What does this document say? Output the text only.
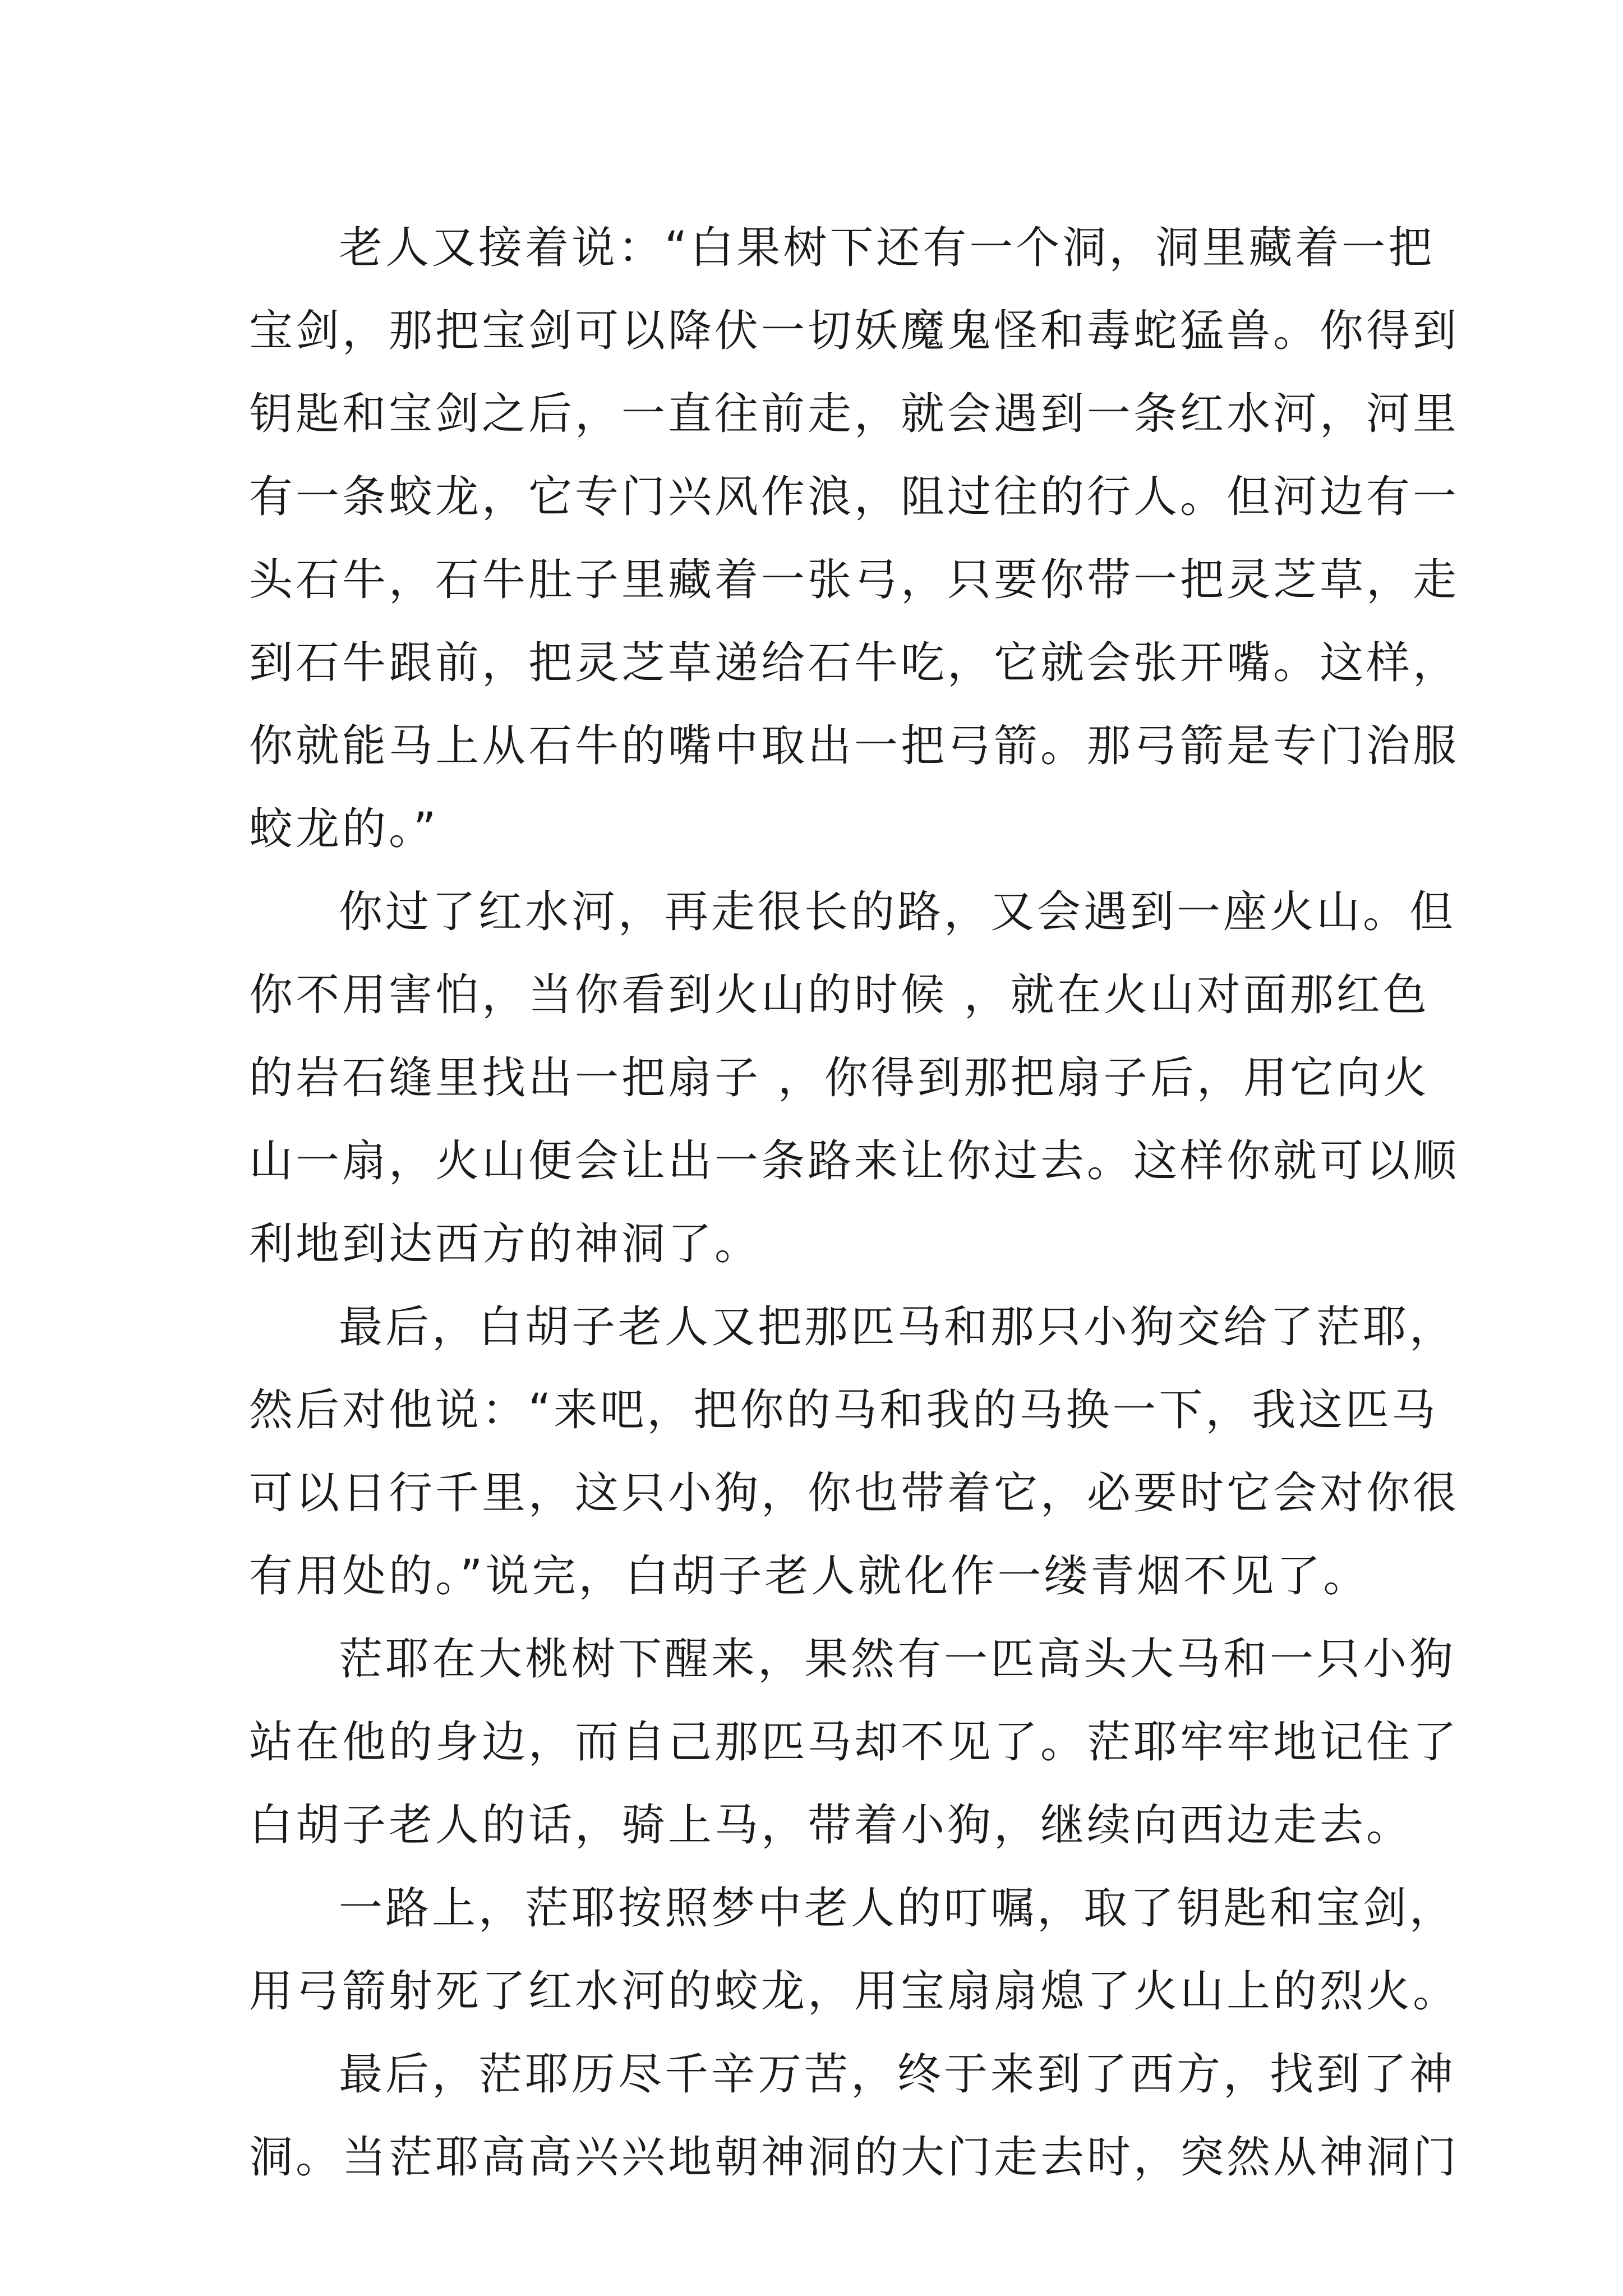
老人又接着说：“白果树下还有一个洞，洞里藏着一把
宝剑，那把宝剑可以降伏一切妖魔鬼怪和毒蛇猛兽。你得到
钥匙和宝剑之后，一直往前走，就会遇到一条红水河，河里
有一条蛟龙，它专门兴风作浪，阻过往的行人。但河边有一
头石牛，石牛肚子里藏着一张弓，只要你带一把灵芝草，走
到石牛跟前，把灵芝草递给石牛吃，它就会张开嘴。这样，
你就能马上从石牛的嘴中取出一把弓箭。那弓箭是专门治服
蛟龙的。”
你过了红水河，再走很长的路，又会遇到一座火山。但
你不用害怕，当你看到火山的时候 ，就在火山对面那红色
的岩石缝里找出一把扇子 ，你得到那把扇子后，用它向火
山一扇，火山便会让出一条路来让你过去。这样你就可以顺
利地到达西方的神洞了。
最后，白胡子老人又把那匹马和那只小狗交给了茫耶，
然后对他说：“来吧，把你的马和我的马换一下，我这匹马
可以日行千里，这只小狗，你也带着它，必要时它会对你很
有用处的。”说完，白胡子老人就化作一缕青烟不见了。
茫耶在大桃树下醒来，果然有一匹高头大马和一只小狗
站在他的身边，而自己那匹马却不见了。茫耶牢牢地记住了
白胡子老人的话，骑上马，带着小狗，继续向西边走去。
一路上，茫耶按照梦中老人的叮嘱，取了钥匙和宝剑，
用弓箭射死了红水河的蛟龙，用宝扇扇熄了火山上的烈火。
最后，茫耶历尽千辛万苦，终于来到了西方，找到了神
洞。当茫耶高高兴兴地朝神洞的大门走去时，突然从神洞门
